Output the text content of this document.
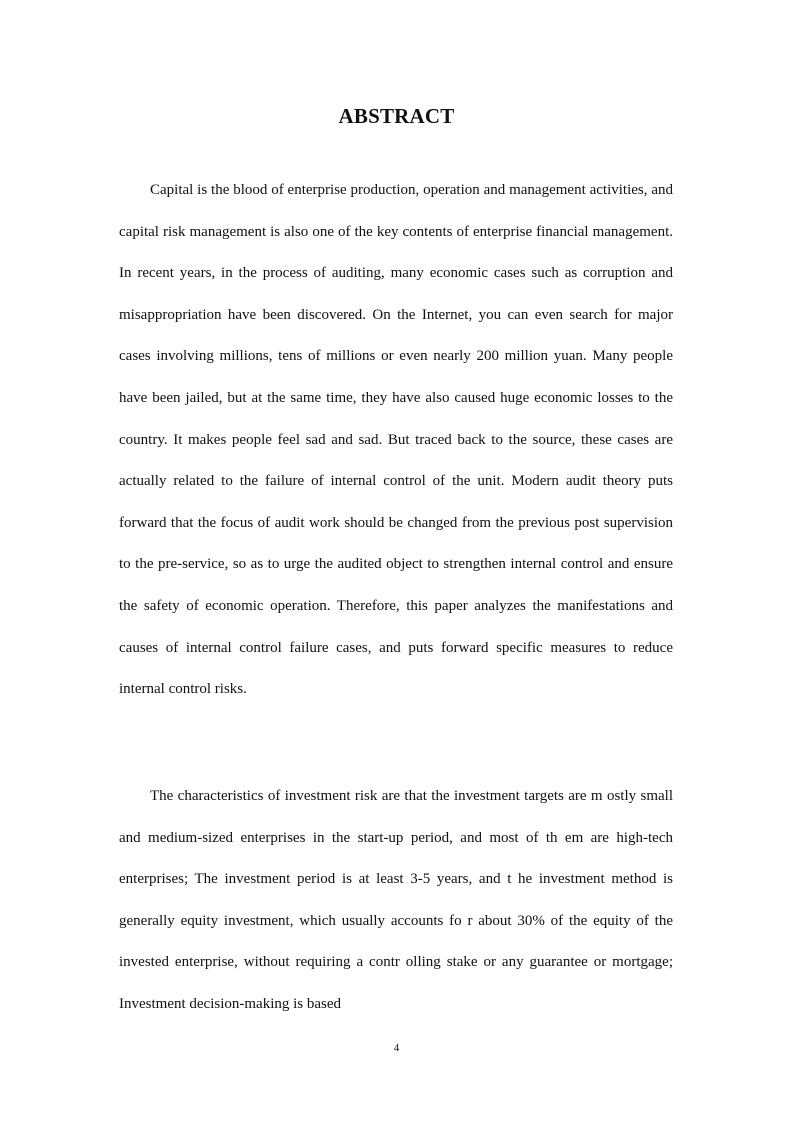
ABSTRACT

Capital is the blood of enterprise production, operation and management activities, and capital risk management is also one of the key contents of enterprise financial management. In recent years, in the process of auditing, many economic cases such as corruption and misappropriation have been discovered. On the Internet, you can even search for major cases involving millions, tens of millions or even nearly 200 million yuan. Many people have been jailed, but at the same time, they have also caused huge economic losses to the country. It makes people feel sad and sad. But traced back to the source, these cases are actually related to the failure of internal control of the unit. Modern audit theory puts forward that the focus of audit work should be changed from the previous post supervision to the pre-service, so as to urge the audited object to strengthen internal control and ensure the safety of economic operation. Therefore, this paper analyzes the manifestations and causes of internal control failure cases, and puts forward specific measures to reduce internal control risks.

The characteristics of investment risk are that the investment targets are m ostly small and medium-sized enterprises in the start-up period, and most of th em are high-tech enterprises; The investment period is at least 3-5 years, and t he investment method is generally equity investment, which usually accounts fo r about 30% of the equity of the invested enterprise, without requiring a contr olling stake or any guarantee or mortgage; Investment decision-making is based

4
